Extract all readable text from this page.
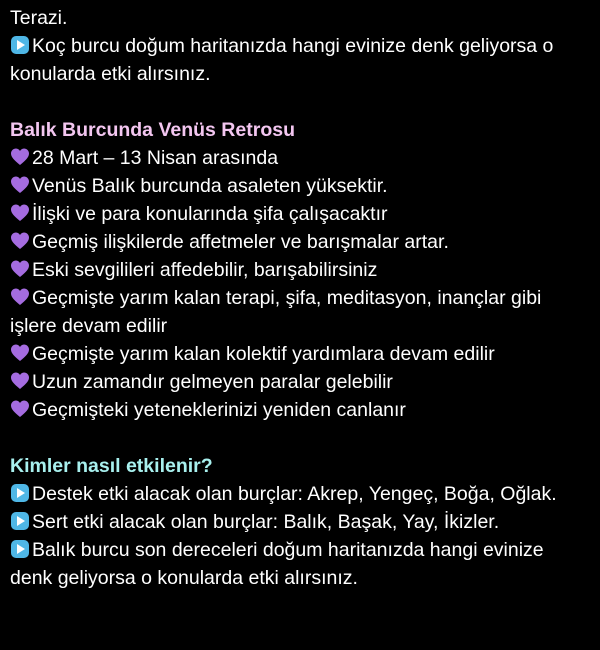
Terazi.
Koç burcu doğum haritanızda hangi evinize denk geliyorsa o konularda etki alırsınız.
Balık Burcunda Venüs Retrosu
28 Mart – 13 Nisan arasında
Venüs Balık burcunda asaleten yüksektir.
İlişki ve para konularında şifa çalışacaktır
Geçmiş ilişkilerde affetmeler ve barışmalar artar.
Eski sevgilileri affedebilir, barışabilirsiniz
Geçmişte yarım kalan terapi, şifa, meditasyon, inançlar gibi işlere devam edilir
Geçmişte yarım kalan kolektif yardımlara devam edilir
Uzun zamandır gelmeyen paralar gelebilir
Geçmişteki yeteneklerinizi yeniden canlanır
Kimler nasıl etkilenir?
Destek etki alacak olan burçlar: Akrep, Yengeç, Boğa, Oğlak.
Sert etki alacak olan burçlar: Balık, Başak, Yay, İkizler.
Balık burcu son dereceleri doğum haritanızda hangi evinize denk geliyorsa o konularda etki alırsınız.
